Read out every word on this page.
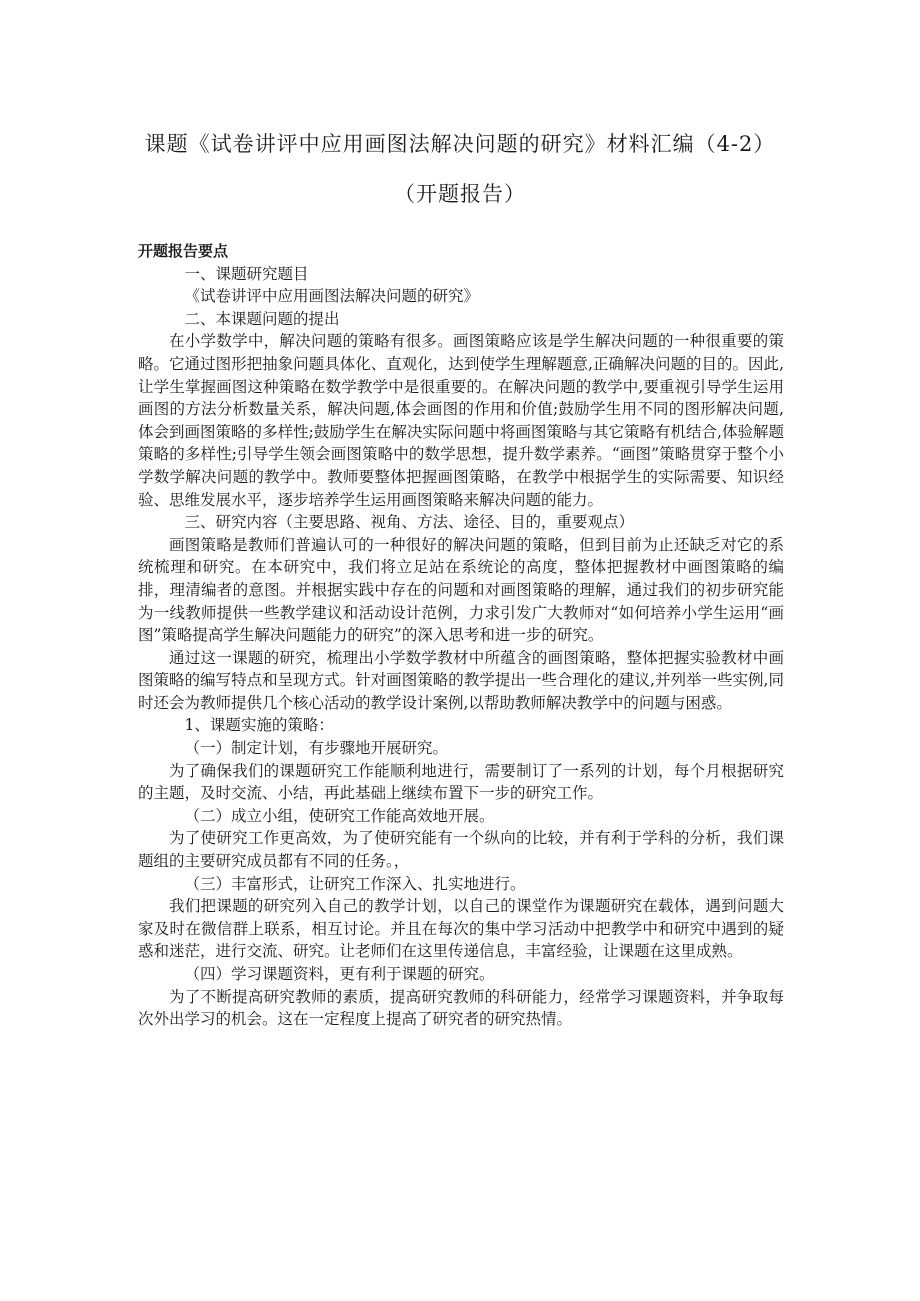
课题《试卷讲评中应用画图法解决问题的研究》材料汇编（4-2）
（开题报告）

开题报告要点

一、课题研究题目

《试卷讲评中应用画图法解决问题的研究》

二、本课题问题的提出

在小学数学中，解决问题的策略有很多。画图策略应该是学生解决问题的一种很重要的策略。它通过图形把抽象问题具体化、直观化，达到使学生理解题意,正确解决问题的目的。因此,让学生掌握画图这种策略在数学教学中是很重要的。在解决问题的教学中,要重视引导学生运用画图的方法分析数量关系，解决问题,体会画图的作用和价值;鼓励学生用不同的图形解决问题,体会到画图策略的多样性;鼓励学生在解决实际问题中将画图策略与其它策略有机结合,体验解题策略的多样性;引导学生领会画图策略中的数学思想，提升数学素养。“画图”策略贯穿于整个小学数学解决问题的教学中。教师要整体把握画图策略，在教学中根据学生的实际需要、知识经验、思维发展水平，逐步培养学生运用画图策略来解决问题的能力。

三、研究内容（主要思路、视角、方法、途径、目的，重要观点）

画图策略是教师们普遍认可的一种很好的解决问题的策略，但到目前为止还缺乏对它的系统梳理和研究。在本研究中，我们将立足站在系统论的高度，整体把握教材中画图策略的编排，理清编者的意图。并根据实践中存在的问题和对画图策略的理解，通过我们的初步研究能为一线教师提供一些教学建议和活动设计范例，力求引发广大教师对“如何培养小学生运用“画图”策略提高学生解决问题能力的研究”的深入思考和进一步的研究。

通过这一课题的研究，梳理出小学数学教材中所蕴含的画图策略，整体把握实验教材中画图策略的编写特点和呈现方式。针对画图策略的教学提出一些合理化的建议,并列举一些实例,同时还会为教师提供几个核心活动的教学设计案例,以帮助教师解决教学中的问题与困惑。

1、课题实施的策略：

（一）制定计划，有步骤地开展研究。

为了确保我们的课题研究工作能顺利地进行，需要制订了一系列的计划，每个月根据研究的主题，及时交流、小结，再此基础上继续布置下一步的研究工作。

（二）成立小组，使研究工作能高效地开展。

为了使研究工作更高效，为了使研究能有一个纵向的比较，并有利于学科的分析，我们课题组的主要研究成员都有不同的任务。，

（三）丰富形式，让研究工作深入、扎实地进行。

我们把课题的研究列入自己的教学计划，以自己的课堂作为课题研究在载体，遇到问题大家及时在微信群上联系，相互讨论。并且在每次的集中学习活动中把教学中和研究中遇到的疑惑和迷茫，进行交流、研究。让老师们在这里传递信息，丰富经验，让课题在这里成熟。

（四）学习课题资料，更有利于课题的研究。

为了不断提高研究教师的素质，提高研究教师的科研能力，经常学习课题资料，并争取每次外出学习的机会。这在一定程度上提高了研究者的研究热情。
